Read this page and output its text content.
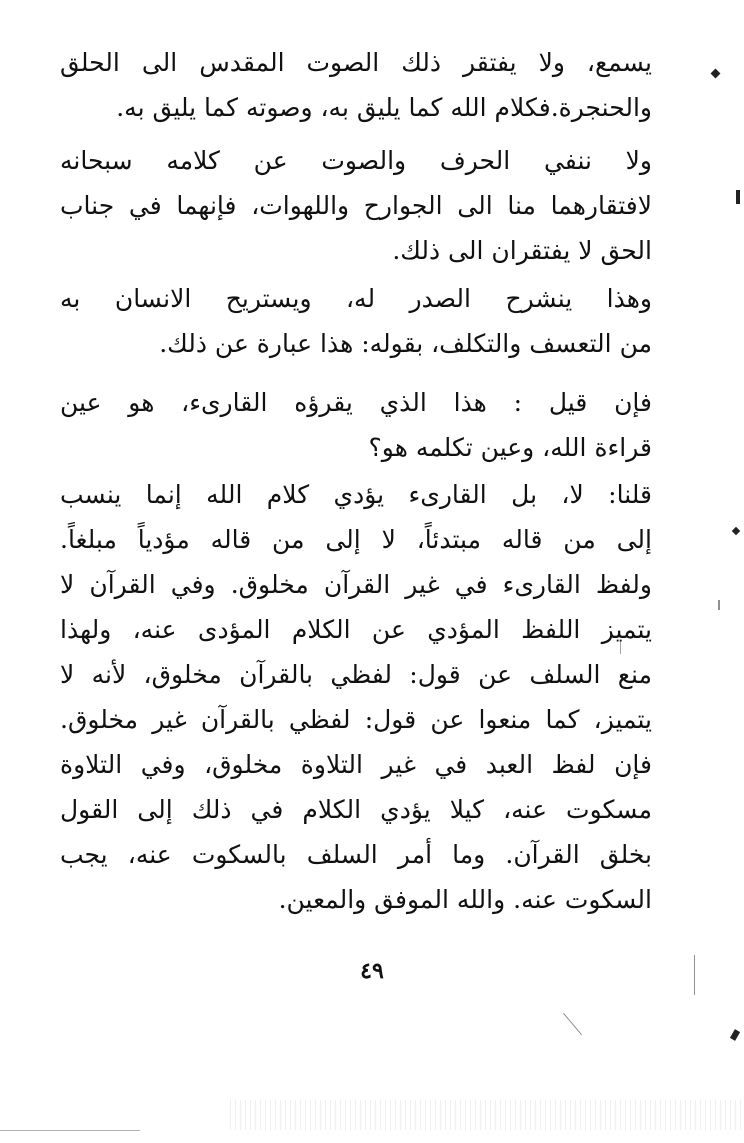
يسمع، ولا يفتقر ذلك الصوت المقدس الى الحلق
والحنجرة.فكلام الله كما يليق به، وصوته كما يليق به.
ولا ننفي الحرف والصوت عن كلامه سبحانه
لافتقارهما منا الى الجوارح واللهوات، فإنهما في جناب
الحق لا يفتقران الى ذلك.
وهذا ينشرح الصدر له، ويستريح الانسان به
من التعسف والتكلف، بقوله: هذا عبارة عن ذلك.
فإن قيل : هذا الذي يقرؤه القارىء، هو عين
قراءة الله، وعين تكلمه هو؟
قلنا: لا، بل القارىء يؤدي كلام الله إنما ينسب
إلى من قاله مبتدئاً، لا إلى من قاله مؤدياً مبلغاً.
ولفظ القارىء في غير القرآن مخلوق. وفي القرآن لا
يتميز اللفظ المؤدي عن الكلام المؤدى عنه، ولهذا
منع السلف عن قول: لفظي بالقرآن مخلوق، لأنه لا
يتميز، كما منعوا عن قول: لفظي بالقرآن غير مخلوق.
فإن لفظ العبد في غير التلاوة مخلوق، وفي التلاوة
مسكوت عنه، كيلا يؤدي الكلام في ذلك إلى القول
بخلق القرآن. وما أمر السلف بالسكوت عنه، يجب
السكوت عنه. والله الموفق والمعين.
٤٩
